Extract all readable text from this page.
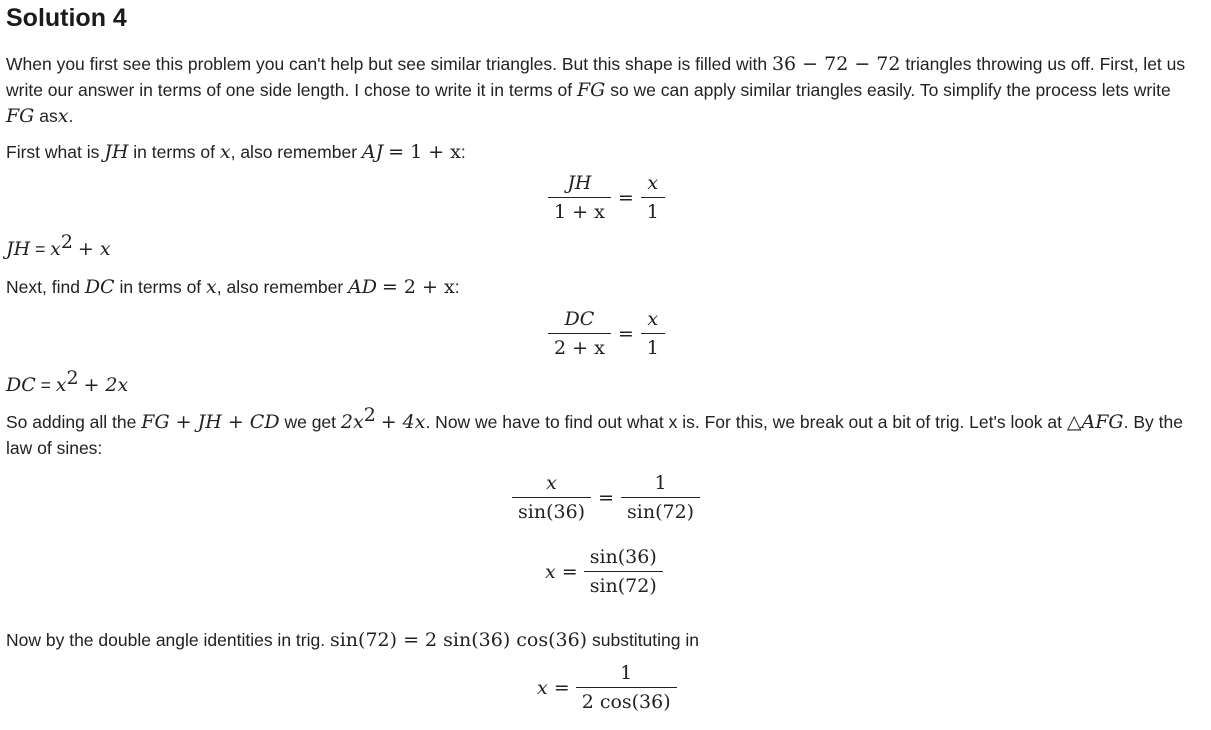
Solution 4

When you first see this problem you can't help but see similar triangles. But this shape is filled with 36 − 72 − 72 triangles throwing us off. First, let us write our answer in terms of one side length. I chose to write it in terms of FG so we can apply similar triangles easily. To simplify the process lets write FG asx.

First what is JH in terms of x, also remember AJ = 1 + x:

$\frac{JH}{1 + x} = \frac{x}{1}$

JH = $x^2 + x$

Next, find DC in terms of x, also remember AD = 2 + x:

$\frac{DC}{2 + x} = \frac{x}{1}$

DC = $x^2 + 2x$

So adding all the FG + JH + CD we get $2x^2 + 4x$. Now we have to find out what x is. For this, we break out a bit of trig. Let's look at △AFG. By the law of sines:

$\frac{x}{\sin(36)} = \frac{1}{\sin(72)}$
$x = \frac{\sin(36)}{\sin(72)}$

Now by the double angle identities in trig. sin(72) = 2 sin(36) cos(36) substituting in

$x = \frac{1}{2 \cos(36)}$
